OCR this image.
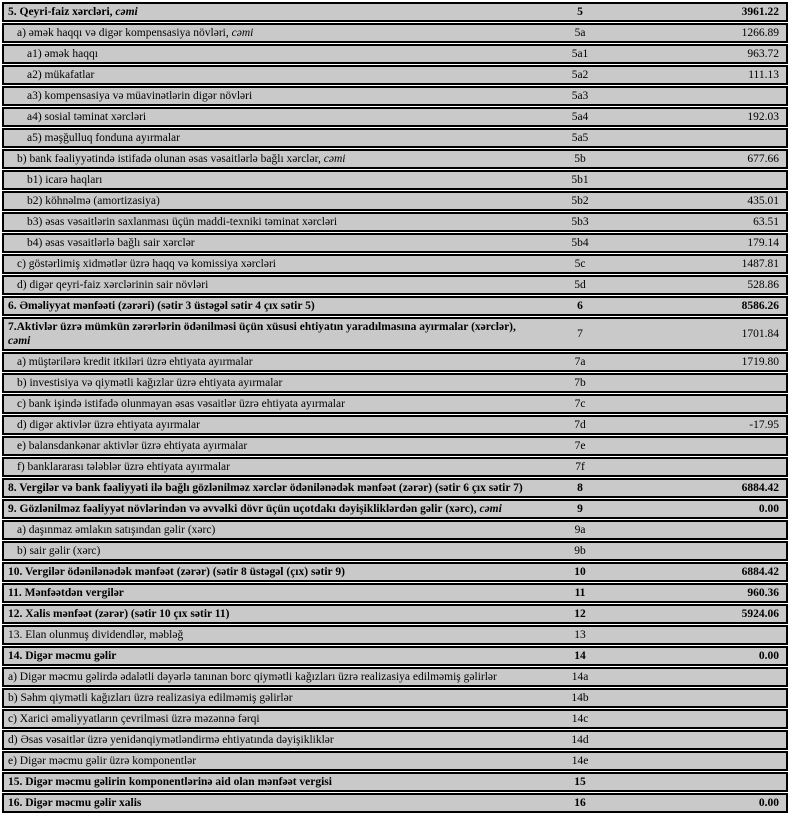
5. Qeyri-faiz xərcləri, cəmi	5	3961.22
a) əmək haqqı və digər kompensasiya növləri, cəmi	5a	1266.89
a1) əmək haqqı	5a1	963.72
a2) mükafatlar	5a2	111.13
a3) kompensasiya və müavinətlərin digər növləri	5a3
a4) sosial təminat xərcləri	5a4	192.03
a5) məşğulluq fonduna ayırmalar	5a5
b) bank fəaliyyətində istifadə olunan əsas vəsaitlərlə bağlı xərclər, cəmi	5b	677.66
b1) icarə haqları	5b1
b2) köhnəlmə (amortizasiya)	5b2	435.01
b3) əsas vəsaitlərin saxlanması üçün maddi-texniki təminat xərcləri	5b3	63.51
b4) əsas vəsaitlərlə bağlı sair xərclər	5b4	179.14
c) göstərlimiş xidmətlər üzrə haqq və komissiya xərcləri	5c	1487.81
d) digər qeyri-faiz xərclərinin sair növləri	5d	528.86
6. Əməliyyat mənfəəti (zərəri) (sətir 3 üstəgəl sətir 4 çıx sətir 5)	6	8586.26
7.Aktivlər üzrə mümkün zərərlərin ödənilməsi üçün xüsusi ehtiyatın yaradılmasına ayırmalar (xərclər), cəmi
7	1701.84
a) müştərilərə kredit itkiləri üzrə ehtiyata ayırmalar	7a	1719.80
b) investisiya və qiymətli kağızlar üzrə ehtiyata ayırmalar	7b
c) bank işində istifadə olunmayan əsas vəsaitlər üzrə ehtiyata ayırmalar	7c
d) digər aktivlər üzrə ehtiyata ayırmalar	7d	-17.95
e) balansdankənar aktivlər üzrə ehtiyata ayırmalar	7e
f) banklararası tələblər üzrə ehtiyata ayırmalar	7f
8. Vergilər və bank fəaliyyəti ilə bağlı gözlənilməz xərclər ödənilənədək mənfəət (zərər) (sətir 6 çıx sətir 7)	8	6884.42
9. Gözlənilməz fəaliyyət növlərindən və əvvəlki dövr üçün uçotdakı dəyişikliklərdən gəlir (xərc), cəmi	9	0.00
a) daşınmaz əmlakın satışından gəlir (xərc)	9a
b) sair gəlir (xərc)	9b
10. Vergilər ödənilənədək mənfəət (zərər) (sətir 8 üstəgəl (çıx) sətir 9)	10	6884.42
11. Mənfəətdən vergilər	11	960.36
12. Xalis mənfəət (zərər) (sətir 10 çıx sətir 11)	12	5924.06
13. Elan olunmuş dividendlər, məbləğ	13
14. Digər məcmu gəlir	14	0.00
a) Digər məcmu gəlirdə ədalətli dəyərlə tanınan borc qiymətli kağızları üzrə realizasiya edilməmiş gəlirlər	14a
b) Səhm qiymətli kağızları üzrə realizasiya edilməmiş gəlirlər	14b
c) Xarici əməliyyatların çevrilməsi üzrə məzənnə fərqi	14c
d) Əsas vəsaitlər üzrə yenidənqiymətləndirmə ehtiyatında dəyişikliklər	14d
e) Digər məcmu gəlir üzrə komponentlər	14e
15. Digər məcmu gəlirin komponentlərinə aid olan mənfəət vergisi	15
16. Digər məcmu gəlir xalis	16	0.00
